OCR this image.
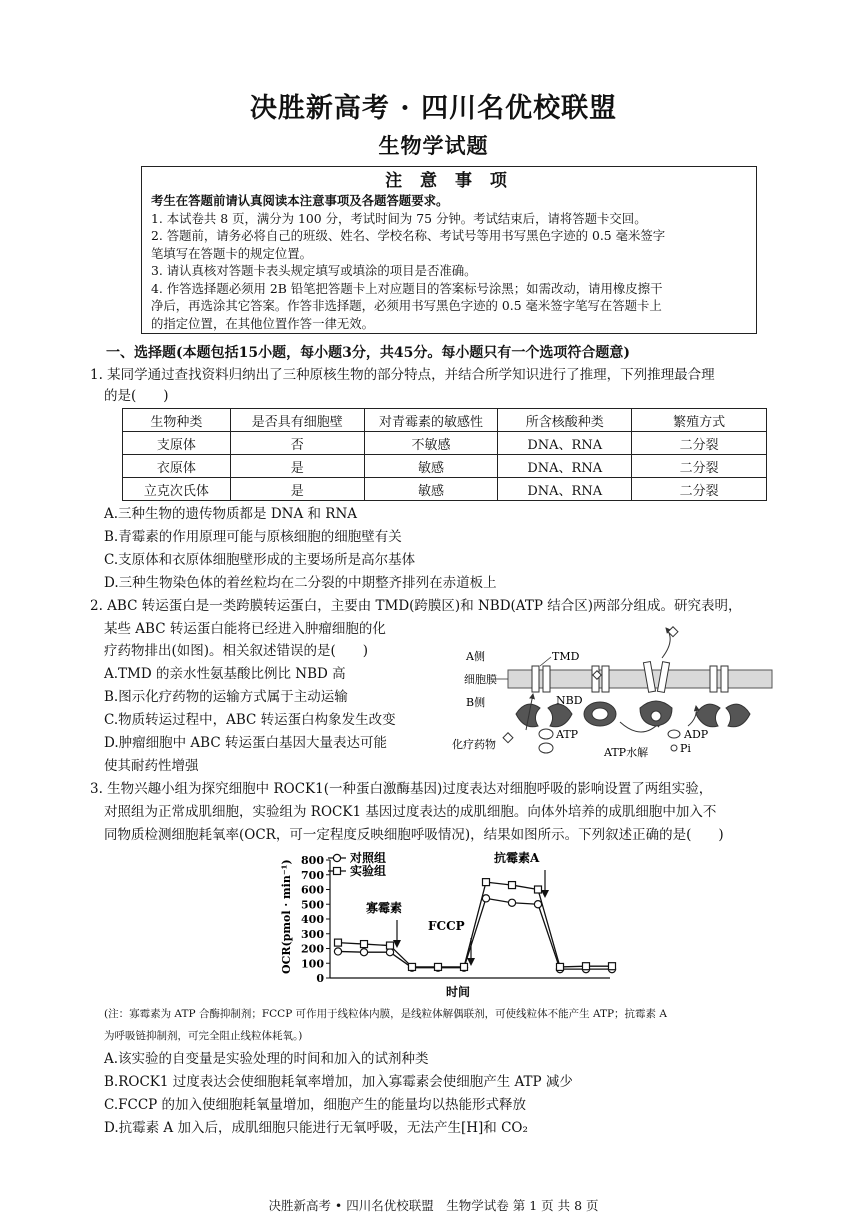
决胜新高考 · 四川名优校联盟
生物学试题
注 意 事 项
考生在答题前请认真阅读本注意事项及各题答题要求。
1. 本试卷共 8 页，满分为 100 分，考试时间为 75 分钟。考试结束后，请将答题卡交回。
2. 答题前，请务必将自己的班级、姓名、学校名称、考试号等用书写黑色字迹的 0.5 毫米签字
笔填写在答题卡的规定位置。
3. 请认真核对答题卡表头规定填写或填涂的项目是否准确。
4. 作答选择题必须用 2B 铅笔把答题卡上对应题目的答案标号涂黑；如需改动，请用橡皮擦干
净后，再选涂其它答案。作答非选择题，必须用书写黑色字迹的 0.5 毫米签字笔写在答题卡上
的指定位置，在其他位置作答一律无效。
一、选择题(本题包括15小题，每小题3分，共45分。每小题只有一个选项符合题意)
1. 某同学通过查找资料归纳出了三种原核生物的部分特点，并结合所学知识进行了推理，下列推理最合理
的是(　　)
生物种类	是否具有细胞壁	对青霉素的敏感性	所含核酸种类	繁殖方式
支原体	否	不敏感	DNA、RNA	二分裂
衣原体	是	敏感	DNA、RNA	二分裂
立克次氏体	是	敏感	DNA、RNA	二分裂
A.三种生物的遗传物质都是 DNA 和 RNA
B.青霉素的作用原理可能与原核细胞的细胞壁有关
C.支原体和衣原体细胞壁形成的主要场所是高尔基体
D.三种生物染色体的着丝粒均在二分裂的中期整齐排列在赤道板上
2. ABC 转运蛋白是一类跨膜转运蛋白，主要由 TMD(跨膜区)和 NBD(ATP 结合区)两部分组成。研究表明，
某些 ABC 转运蛋白能将已经进入肿瘤细胞的化
疗药物排出(如图)。相关叙述错误的是(　　)
A.TMD 的亲水性氨基酸比例比 NBD 高
B.图示化疗药物的运输方式属于主动运输
C.物质转运过程中，ABC 转运蛋白构象发生改变
D.肿瘤细胞中 ABC 转运蛋白基因大量表达可能
使其耐药性增强
A侧
细胞膜
B侧
TMD
化疗药物
NBD
ATP
ATP水解
ADP
Pi
3. 生物兴趣小组为探究细胞中 ROCK1(一种蛋白激酶基因)过度表达对细胞呼吸的影响设置了两组实验，
对照组为正常成肌细胞，实验组为 ROCK1 基因过度表达的成肌细胞。向体外培养的成肌细胞中加入不
同物质检测细胞耗氧率(OCR，可一定程度反映细胞呼吸情况)，结果如图所示。下列叙述正确的是(　　)
0
100
200
300
400
500
600
700
800
时间
OCR(pmol · min⁻¹)	寡霉素
FCCP
抗霉素A
对照组
实验组
(注：寡霉素为 ATP 合酶抑制剂；FCCP 可作用于线粒体内膜，是线粒体解偶联剂，可使线粒体不能产生 ATP；抗霉素 A
为呼吸链抑制剂，可完全阻止线粒体耗氧。)
A.该实验的自变量是实验处理的时间和加入的试剂种类
B.ROCK1 过度表达会使细胞耗氧率增加，加入寡霉素会使细胞产生 ATP 减少
C.FCCP 的加入使细胞耗氧量增加，细胞产生的能量均以热能形式释放
D.抗霉素 A 加入后，成肌细胞只能进行无氧呼吸，无法产生[H]和 CO₂
决胜新高考 • 四川名优校联盟　生物学试卷 第 1 页 共 8 页
